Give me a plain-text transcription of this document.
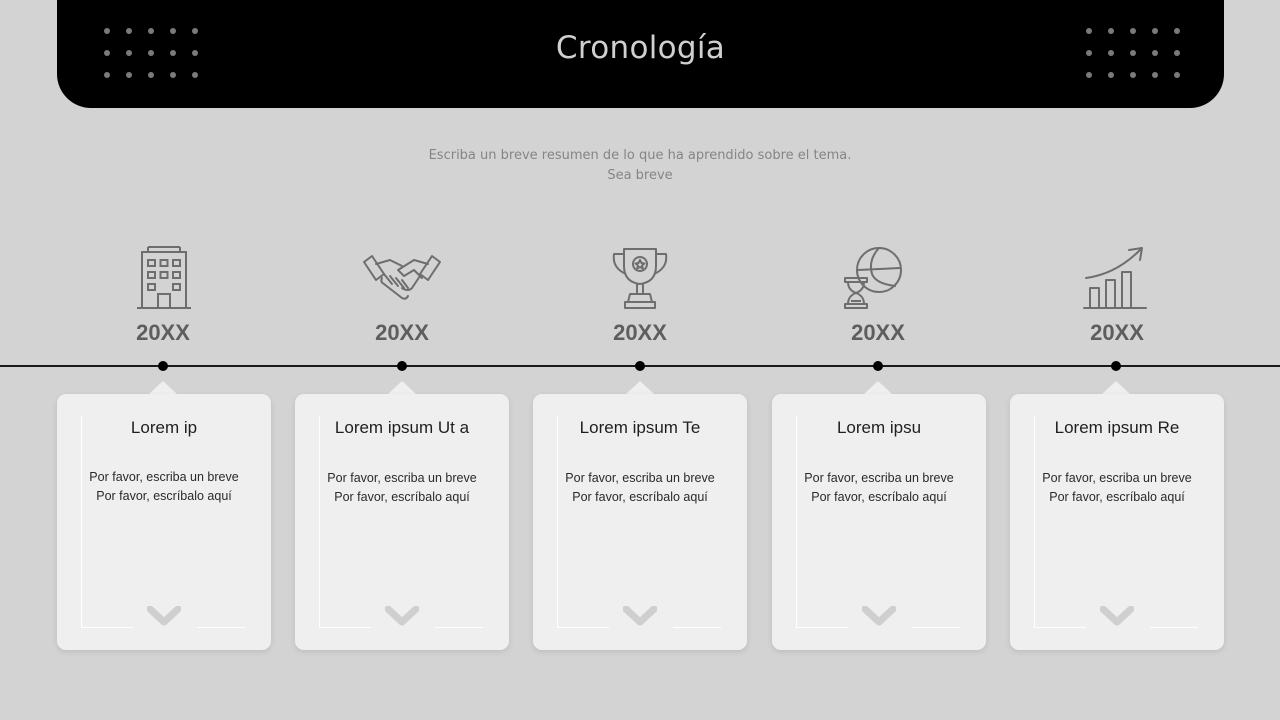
Cronología
Escriba un breve resumen de lo que ha aprendido sobre el tema.
Sea breve
20XX
Lorem ip
Por favor, escriba un breve
Por favor, escríbalo aquí
20XX
Lorem ipsum Ut a
Por favor, escriba un breve
Por favor, escríbalo aquí
20XX
Lorem ipsum Te
Por favor, escriba un breve
Por favor, escríbalo aquí
20XX
Lorem ipsu
Por favor, escriba un breve
Por favor, escríbalo aquí
20XX
Lorem ipsum Re
Por favor, escriba un breve
Por favor, escríbalo aquí
